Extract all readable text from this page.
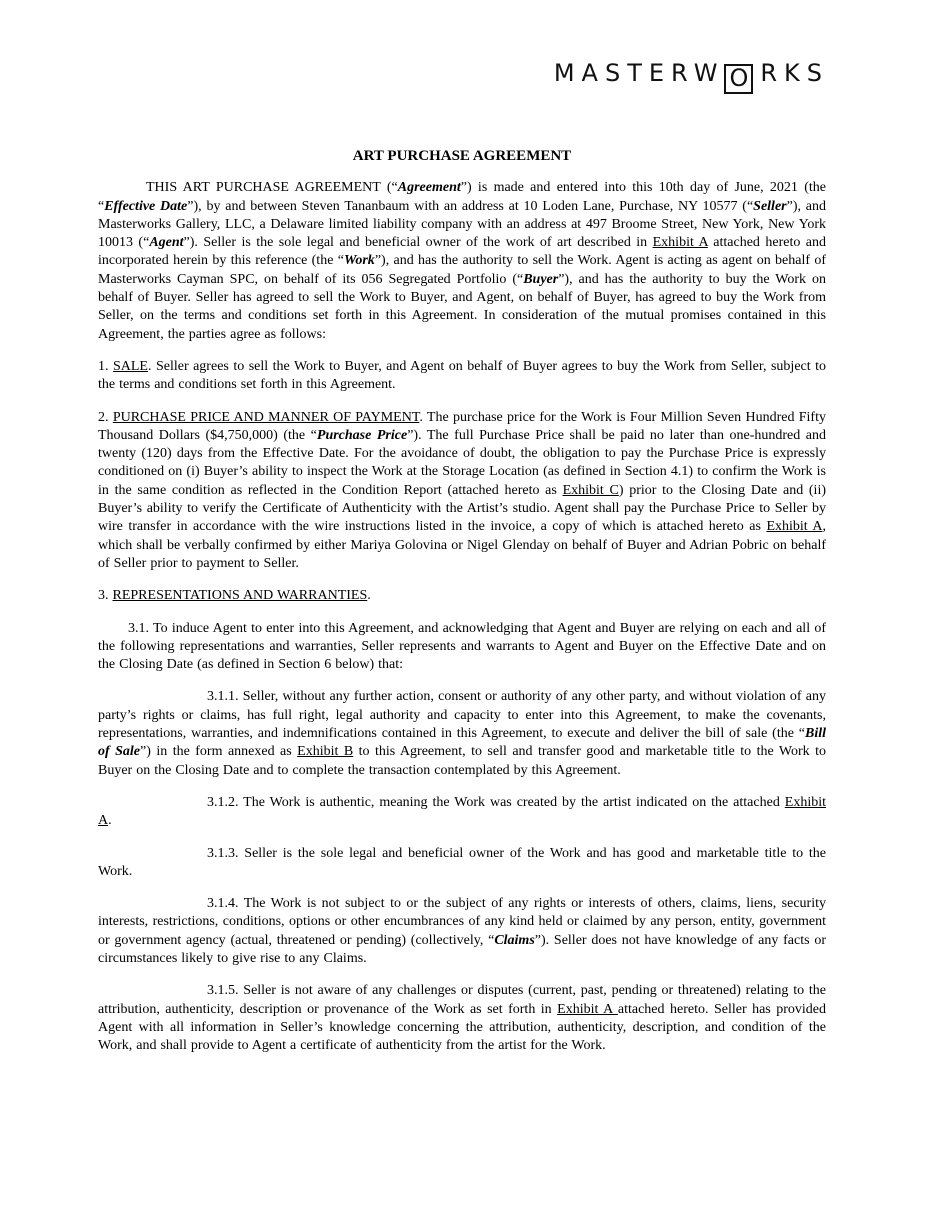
MASTERW O RKS
ART PURCHASE AGREEMENT

THIS ART PURCHASE AGREEMENT (“Agreement”) is made and entered into this 10th day of June, 2021 (the “Effective Date”), by and between Steven Tananbaum with an address at 10 Loden Lane, Purchase, NY 10577 (“Seller”), and Masterworks Gallery, LLC, a Delaware limited liability company with an address at 497 Broome Street, New York, New York 10013 (“Agent”). Seller is the sole legal and beneficial owner of the work of art described in Exhibit A attached hereto and incorporated herein by this reference (the “Work”), and has the authority to sell the Work. Agent is acting as agent on behalf of Masterworks Cayman SPC, on behalf of its 056 Segregated Portfolio (“Buyer”), and has the authority to buy the Work on behalf of Buyer. Seller has agreed to sell the Work to Buyer, and Agent, on behalf of Buyer, has agreed to buy the Work from Seller, on the terms and conditions set forth in this Agreement. In consideration of the mutual promises contained in this Agreement, the parties agree as follows:

1. SALE. Seller agrees to sell the Work to Buyer, and Agent on behalf of Buyer agrees to buy the Work from Seller, subject to the terms and conditions set forth in this Agreement.

2. PURCHASE PRICE AND MANNER OF PAYMENT. The purchase price for the Work is Four Million Seven Hundred Fifty Thousand Dollars ($4,750,000) (the “Purchase Price”). The full Purchase Price shall be paid no later than one-hundred and twenty (120) days from the Effective Date. For the avoidance of doubt, the obligation to pay the Purchase Price is expressly conditioned on (i) Buyer’s ability to inspect the Work at the Storage Location (as defined in Section 4.1) to confirm the Work is in the same condition as reflected in the Condition Report (attached hereto as Exhibit C) prior to the Closing Date and (ii) Buyer’s ability to verify the Certificate of Authenticity with the Artist’s studio. Agent shall pay the Purchase Price to Seller by wire transfer in accordance with the wire instructions listed in the invoice, a copy of which is attached hereto as Exhibit A, which shall be verbally confirmed by either Mariya Golovina or Nigel Glenday on behalf of Buyer and Adrian Pobric on behalf of Seller prior to payment to Seller.

3. REPRESENTATIONS AND WARRANTIES.

3.1. To induce Agent to enter into this Agreement, and acknowledging that Agent and Buyer are relying on each and all of the following representations and warranties, Seller represents and warrants to Agent and Buyer on the Effective Date and on the Closing Date (as defined in Section 6 below) that:

3.1.1. Seller, without any further action, consent or authority of any other party, and without violation of any party’s rights or claims, has full right, legal authority and capacity to enter into this Agreement, to make the covenants, representations, warranties, and indemnifications contained in this Agreement, to execute and deliver the bill of sale (the “Bill of Sale”) in the form annexed as Exhibit B to this Agreement, to sell and transfer good and marketable title to the Work to Buyer on the Closing Date and to complete the transaction contemplated by this Agreement.

3.1.2. The Work is authentic, meaning the Work was created by the artist indicated on the attached Exhibit A.

3.1.3. Seller is the sole legal and beneficial owner of the Work and has good and marketable title to the Work.

3.1.4. The Work is not subject to or the subject of any rights or interests of others, claims, liens, security interests, restrictions, conditions, options or other encumbrances of any kind held or claimed by any person, entity, government or government agency (actual, threatened or pending) (collectively, “Claims”). Seller does not have knowledge of any facts or circumstances likely to give rise to any Claims.

3.1.5. Seller is not aware of any challenges or disputes (current, past, pending or threatened) relating to the attribution, authenticity, description or provenance of the Work as set forth in Exhibit A attached hereto. Seller has provided Agent with all information in Seller’s knowledge concerning the attribution, authenticity, description, and condition of the Work, and shall provide to Agent a certificate of authenticity from the artist for the Work.
